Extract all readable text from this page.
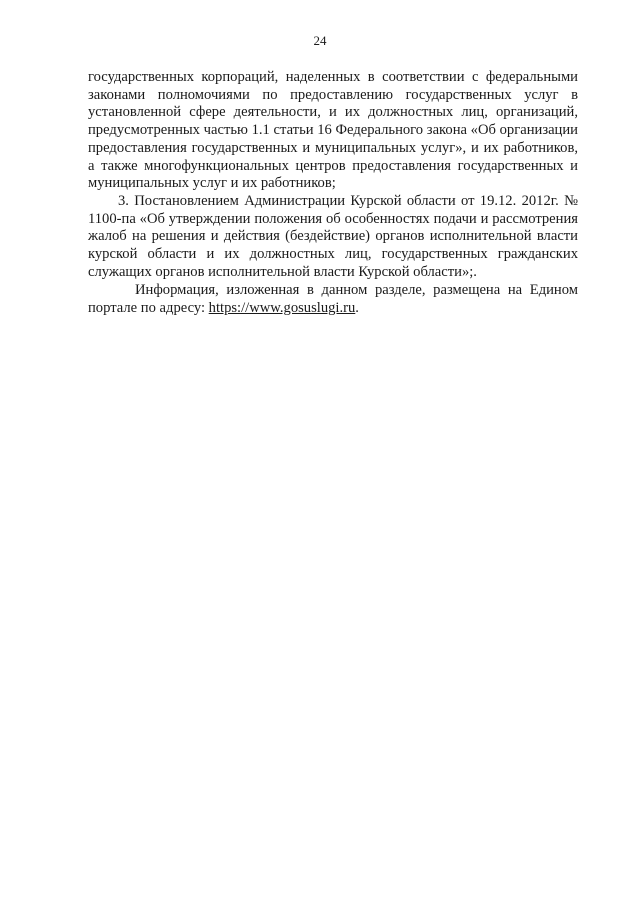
24

государственных корпораций, наделенных в соответствии с федеральными законами полномочиями по предоставлению государственных услуг в установленной сфере деятельности, и их должностных лиц, организаций, предусмотренных частью 1.1 статьи 16 Федерального закона «Об организации предоставления государственных и муниципальных услуг», и их работников, а также многофункциональных центров предоставления государственных и муниципальных услуг и их работников;

3. Постановлением Администрации Курской области от 19.12. 2012г. № 1100-па «Об утверждении положения об особенностях подачи и рассмотрения жалоб на решения и действия (бездействие) органов исполнительной власти курской области и их должностных лиц, государственных гражданских служащих органов исполнительной власти Курской области»;.

Информация, изложенная в данном разделе, размещена на Едином портале по адресу: https://www.gosuslugi.ru.
